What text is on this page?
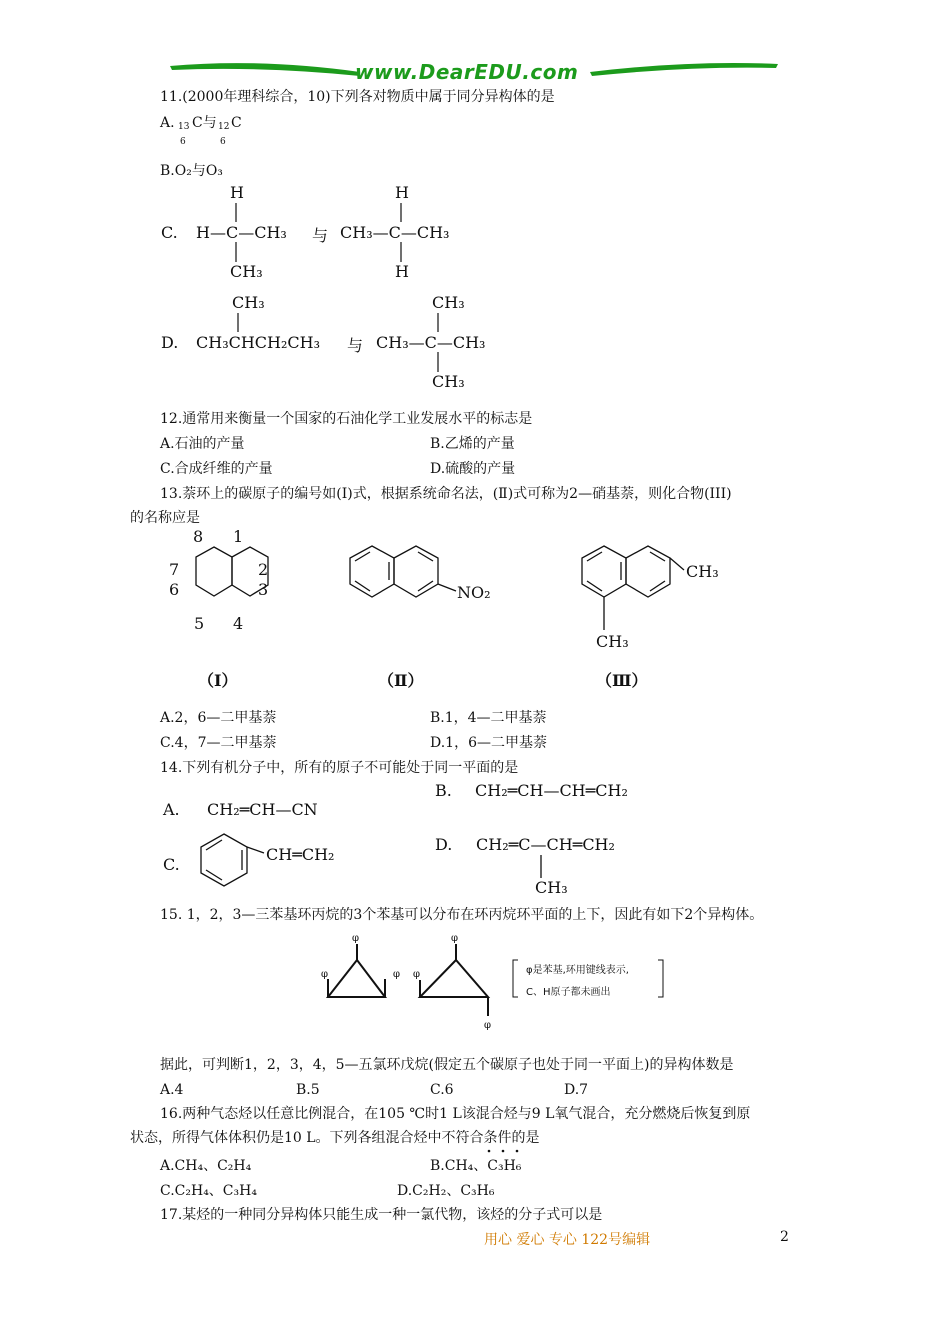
www.DearEDU.com
11.(2000年理科综合，10)下列各对物质中属于同分异构体的是
A. 13
6
C与 12
6
C
B.O₂与O₃
C.
H
H—C—CH₃
CH₃
与
H
CH₃—C—CH₃
H
D.
CH₃
CH₃CHCH₂CH₃ 与
CH₃
CH₃—C—CH₃
CH₃
12.通常用来衡量一个国家的石油化学工业发展水平的标志是
A.石油的产量	B.乙烯的产量
C.合成纤维的产量	D.硫酸的产量
13.萘环上的碳原子的编号如(Ⅰ)式，根据系统命名法，(Ⅱ)式可称为2—硝基萘，则化合物(III)
的名称应是
8 1
7	2
6	3
5 4
NO₂
CH₃
CH₃
（Ⅰ）	（Ⅱ）	（Ⅲ）
A.2，6—二甲基萘	B.1，4—二甲基萘
C.4，7—二甲基萘	D.1，6—二甲基萘
14.下列有机分子中，所有的原子不可能处于同一平面的是
A. CH₂═CH—CN
B. CH₂═CH—CH═CH₂
C.
CH═CH₂
D. CH₂═C—CH═CH₂
CH₃
15. 1，2，3—三苯基环丙烷的3个苯基可以分布在环丙烷环平面的上下，因此有如下2个异构体。
φ
φ	φ
φ
φ
φ
φ是苯基,环用键线表示,
C、H原子都未画出
据此，可判断1，2，3，4，5—五氯环戊烷(假定五个碳原子也处于同一平面上)的异构体数是
A.4	B.5	C.6	D.7
16.两种气态烃以任意比例混合，在105 ℃时1 L该混合烃与9 L氧气混合，充分燃烧后恢复到原
状态，所得气体体积仍是10 L。下列各组混合烃中不符合条件的是
A.CH₄、C₂H₄	B.CH₄、C₃H₆
C.C₂H₄、C₃H₄	D.C₂H₂、C₃H₆
17.某烃的一种同分异构体只能生成一种一氯代物，该烃的分子式可以是
用心 爱心 专心 122号编辑	2
